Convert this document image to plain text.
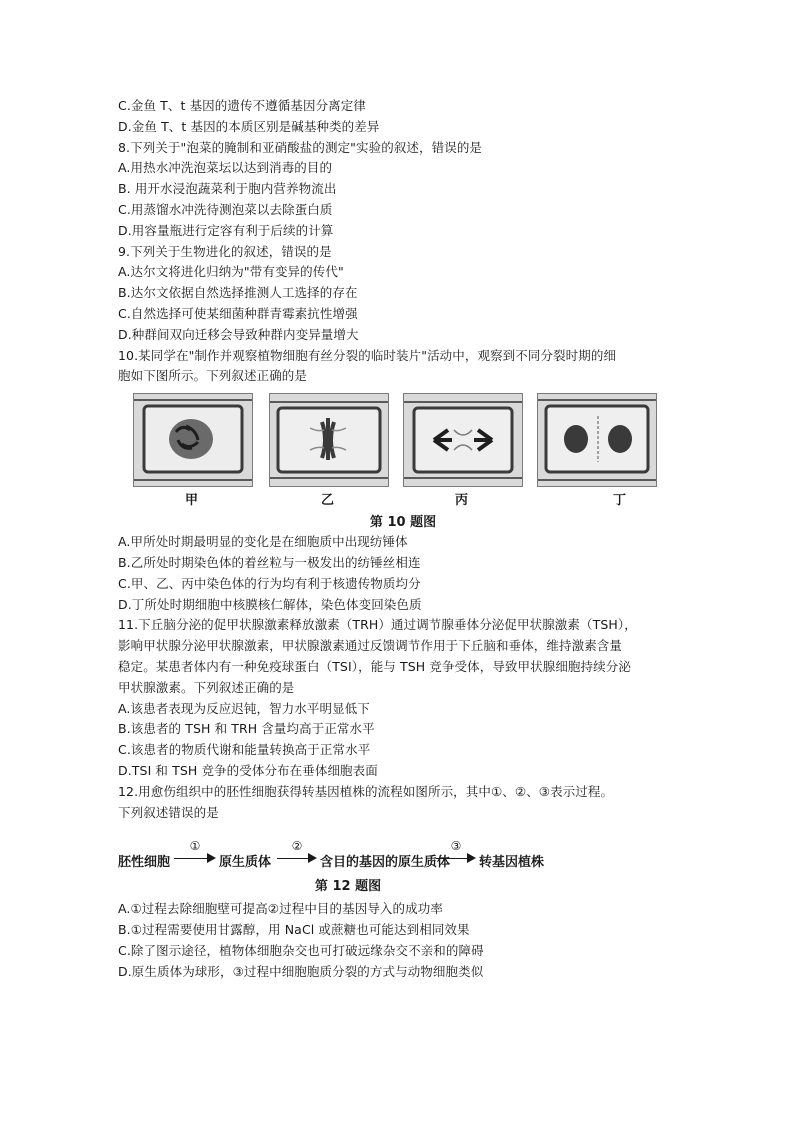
C.金鱼 T、t 基因的遗传不遵循基因分离定律
D.金鱼 T、t 基因的本质区别是碱基种类的差异
8.下列关于"泡菜的腌制和亚硝酸盐的测定"实验的叙述，错误的是
A.用热水冲洗泡菜坛以达到消毒的目的
B. 用开水浸泡蔬菜利于胞内营养物流出
C.用蒸馏水冲洗待测泡菜以去除蛋白质
D.用容量瓶进行定容有利于后续的计算
9.下列关于生物进化的叙述，错误的是
A.达尔文将进化归纳为"带有变异的传代"
B.达尔文依据自然选择推测人工选择的存在
C.自然选择可使某细菌种群青霉素抗性增强
D.种群间双向迁移会导致种群内变异量增大
10.某同学在"制作并观察植物细胞有丝分裂的临时装片"活动中，观察到不同分裂时期的细
胞如下图所示。下列叙述正确的是
甲	乙	丙	丁
第 10 题图
A.甲所处时期最明显的变化是在细胞质中出现纺锤体
B.乙所处时期染色体的着丝粒与一极发出的纺锤丝相连
C.甲、乙、丙中染色体的行为均有利于核遗传物质均分
D.丁所处时期细胞中核膜核仁解体，染色体变回染色质
11.下丘脑分泌的促甲状腺激素释放激素（TRH）通过调节腺垂体分泌促甲状腺激素（TSH），
影响甲状腺分泌甲状腺激素，甲状腺激素通过反馈调节作用于下丘脑和垂体，维持激素含量
稳定。某患者体内有一种免疫球蛋白（TSI），能与 TSH 竞争受体，导致甲状腺细胞持续分泌
甲状腺激素。下列叙述正确的是
A.该患者表现为反应迟钝，智力水平明显低下
B.该患者的 TSH 和 TRH 含量均高于正常水平
C.该患者的物质代谢和能量转换高于正常水平
D.TSI 和 TSH 竞争的受体分布在垂体细胞表面
12.用愈伤组织中的胚性细胞获得转基因植株的流程如图所示，其中①、②、③表示过程。
下列叙述错误的是
胚性细胞
①
原生质体
②
含目的基因的原生质体
③
转基因植株
第 12 题图
A.①过程去除细胞壁可提高②过程中目的基因导入的成功率
B.①过程需要使用甘露醇，用 NaCl 或蔗糖也可能达到相同效果
C.除了图示途径，植物体细胞杂交也可打破远缘杂交不亲和的障碍
D.原生质体为球形，③过程中细胞胞质分裂的方式与动物细胞类似
